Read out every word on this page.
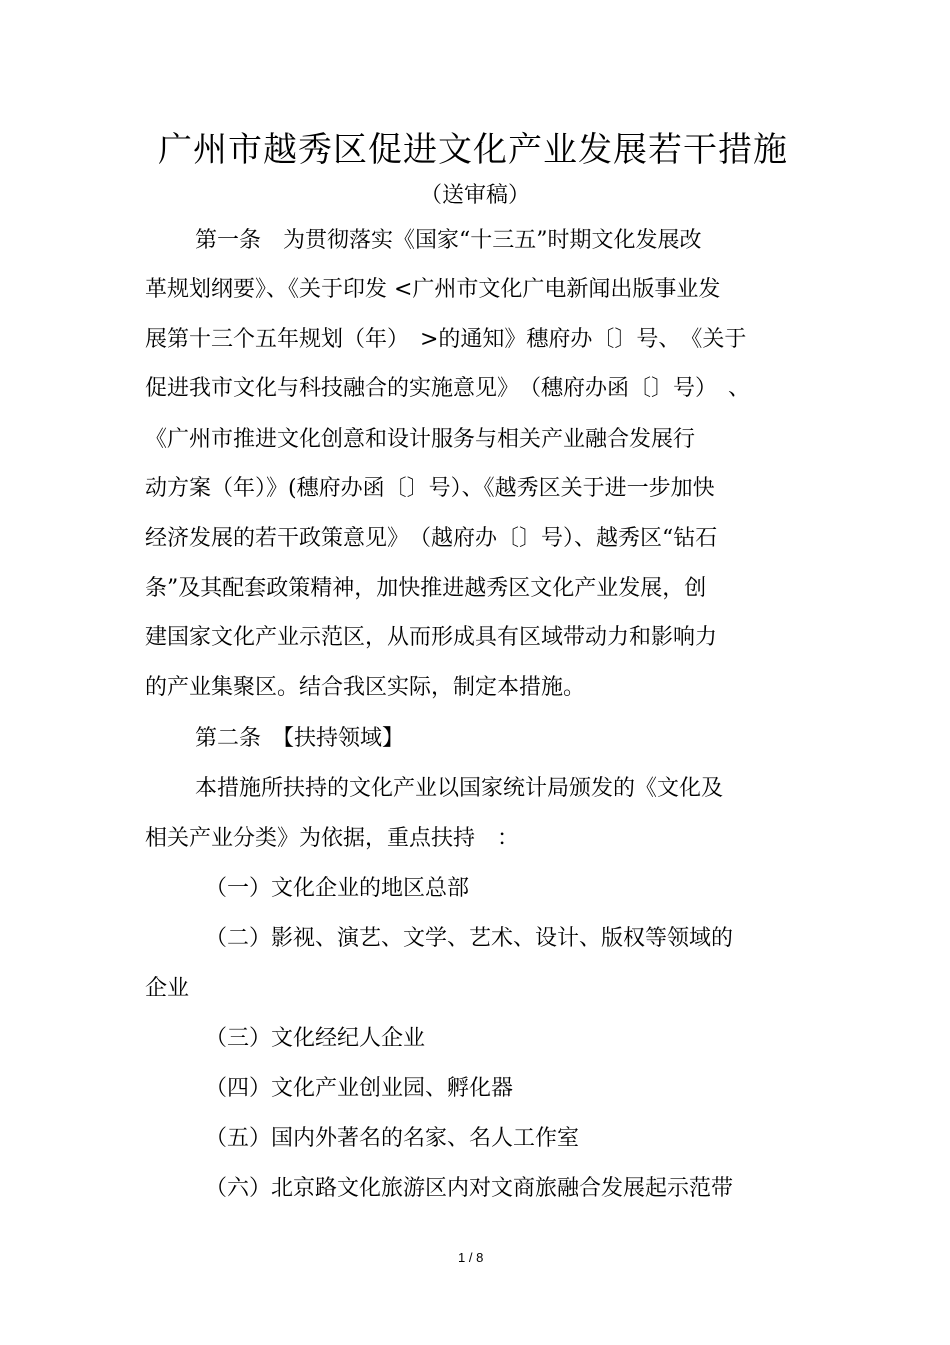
广州市越秀区促进文化产业发展若干措施
（送审稿）
第一条　为贯彻落实《国家“十三五”时期文化发展改
革规划纲要》、《关于印发 <广州市文化广电新闻出版事业发
展第十三个五年规划（年）　>的通知》穗府办〔〕号、　《关于
促进我市文化与科技融合的实施意见》　（穗府办函〔〕号）　、
《广州市推进文化创意和设计服务与相关产业融合发展行
动方案（年）》(穗府办函〔〕号）、《越秀区关于进一步加快
经济发展的若干政策意见》　（越府办〔〕号）、越秀区“钻石
条”及其配套政策精神，加快推进越秀区文化产业发展，创
建国家文化产业示范区，从而形成具有区域带动力和影响力
的产业集聚区。结合我区实际，制定本措施。
第二条　【扶持领域】
本措施所扶持的文化产业以国家统计局颁发的《文化及
相关产业分类》为依据，重点扶持　：
（一）文化企业的地区总部
（二）影视、演艺、文学、艺术、设计、版权等领域的
企业
（三）文化经纪人企业
（四）文化产业创业园、孵化器
（五）国内外著名的名家、名人工作室
（六）北京路文化旅游区内对文商旅融合发展起示范带
1 / 8
